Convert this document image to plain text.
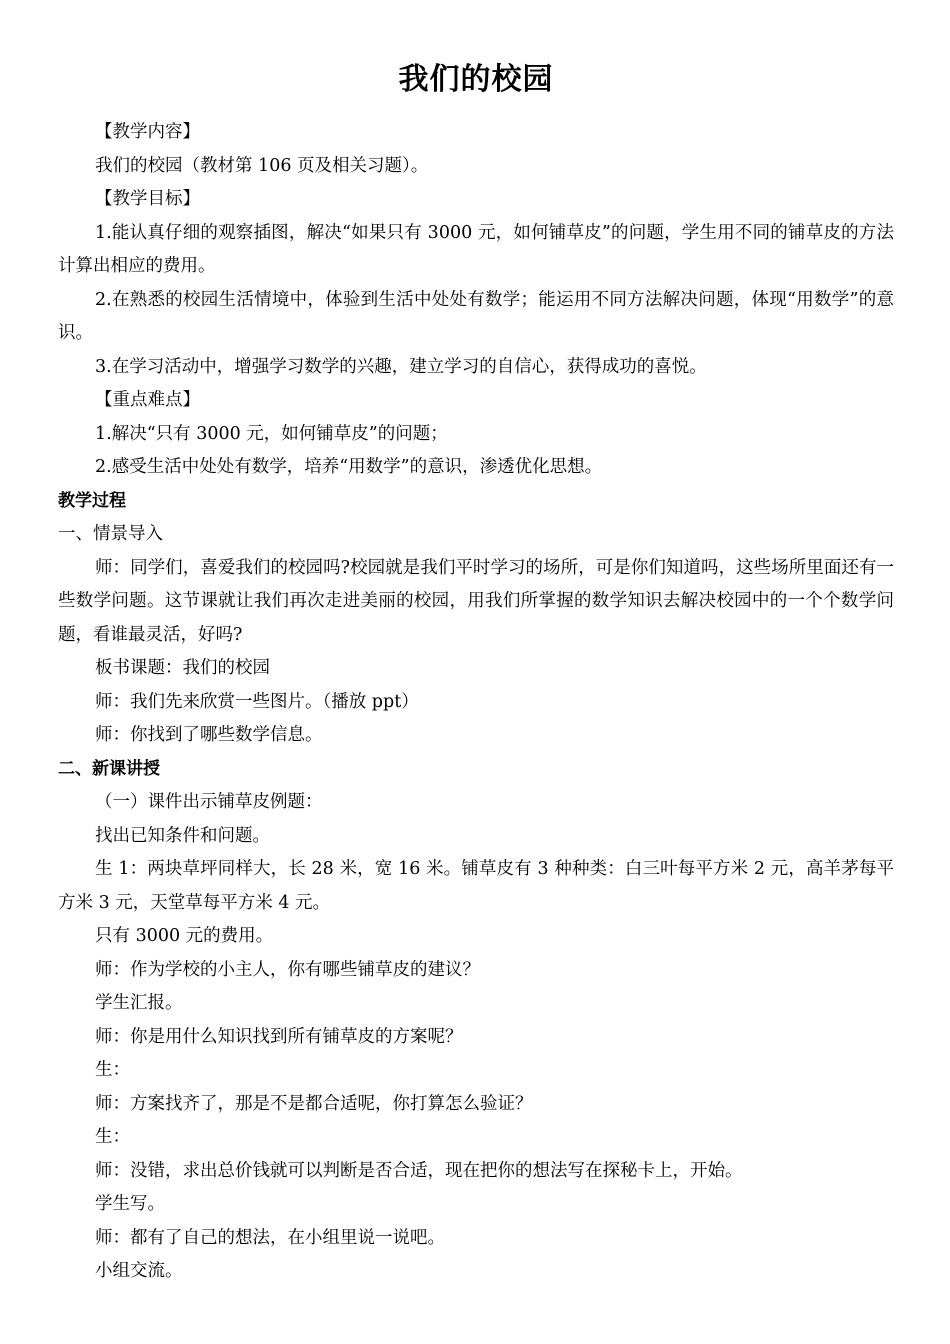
我们的校园

【教学内容】

我们的校园（教材第 106 页及相关习题）。

【教学目标】

1.能认真仔细的观察插图，解决“如果只有 3000 元，如何铺草皮”的问题，学生用不同的铺草皮的方法计算出相应的费用。

2.在熟悉的校园生活情境中，体验到生活中处处有数学；能运用不同方法解决问题，体现“用数学”的意识。

3.在学习活动中，增强学习数学的兴趣，建立学习的自信心，获得成功的喜悦。

【重点难点】

1.解决“只有 3000 元，如何铺草皮”的问题；

2.感受生活中处处有数学，培养“用数学”的意识，渗透优化思想。

教学过程

一、情景导入

师：同学们，喜爱我们的校园吗?校园就是我们平时学习的场所，可是你们知道吗，这些场所里面还有一些数学问题。这节课就让我们再次走进美丽的校园，用我们所掌握的数学知识去解决校园中的一个个数学问题，看谁最灵活，好吗?

板书课题：我们的校园

师：我们先来欣赏一些图片。（播放 ppt）

师：你找到了哪些数学信息。

二、新课讲授

（一）课件出示铺草皮例题：

找出已知条件和问题。

生 1：两块草坪同样大，长 28 米，宽 16 米。铺草皮有 3 种种类：白三叶每平方米 2 元，高羊茅每平方米 3 元，天堂草每平方米 4 元。

只有 3000 元的费用。

师：作为学校的小主人，你有哪些铺草皮的建议？

学生汇报。

师：你是用什么知识找到所有铺草皮的方案呢？

生：

师：方案找齐了，那是不是都合适呢，你打算怎么验证？

生：

师：没错，求出总价钱就可以判断是否合适，现在把你的想法写在探秘卡上，开始。

学生写。

师：都有了自己的想法，在小组里说一说吧。

小组交流。
